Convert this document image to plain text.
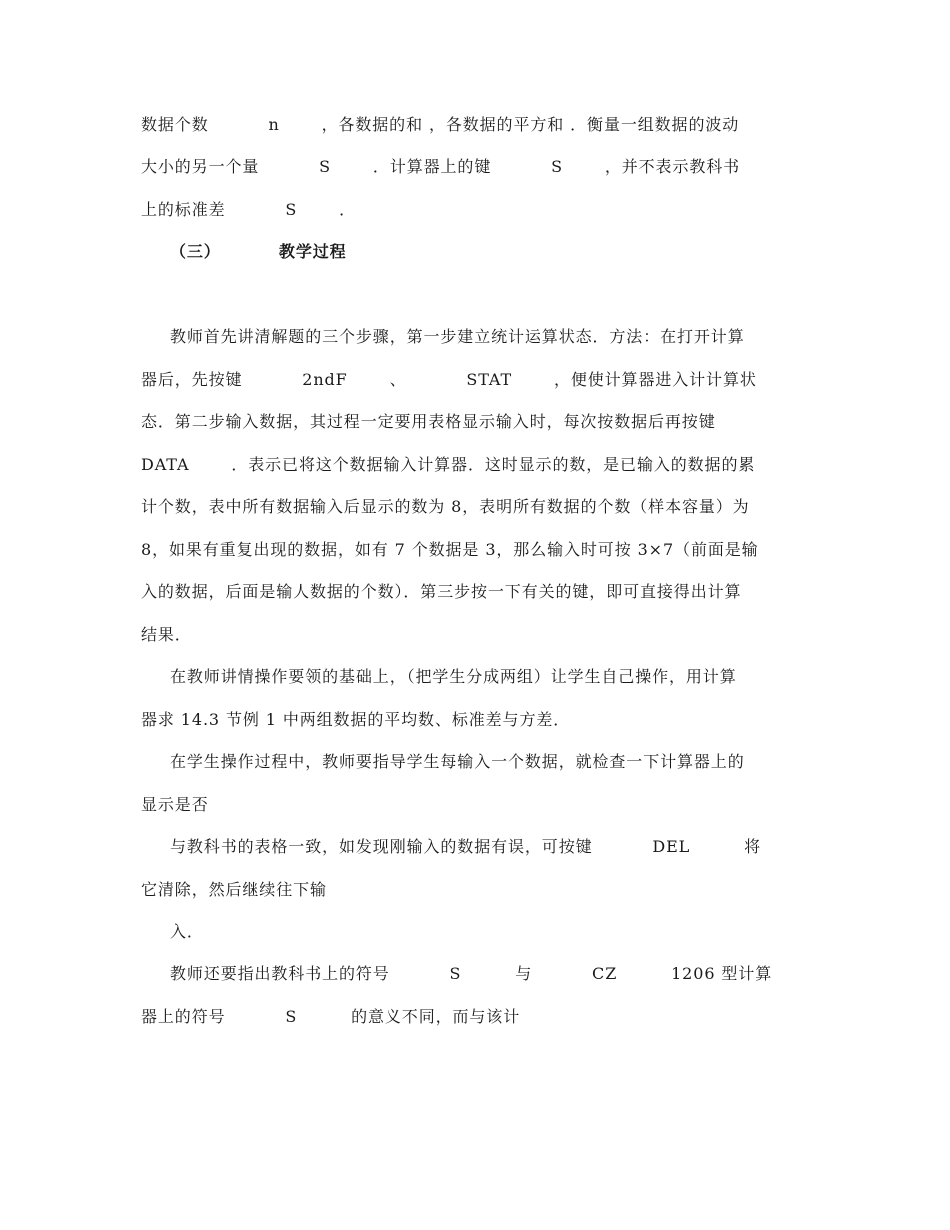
数据个数          n       ，各数据的和 ，各数据的平方和 ．衡量一组数据的波动
大小的另一个量          S       ．计算器上的键          S       ，并不表示教科书
上的标准差          S       ．
（三）         教学过程
教师首先讲清解题的三个步骤，第一步建立统计运算状态．方法：在打开计算
器后，先按键          2ndF       、          STAT       ，便使计算器进入计计算状
态．第二步输入数据，其过程一定要用表格显示输入时，每次按数据后再按键
DATA       ．表示已将这个数据输入计算器．这时显示的数，是已输入的数据的累
计个数，表中所有数据输入后显示的数为 8，表明所有数据的个数（样本容量）为
8，如果有重复出现的数据，如有 7 个数据是 3，那么输入时可按 3×7（前面是输
入的数据，后面是输人数据的个数）．第三步按一下有关的键，即可直接得出计算
结果．
在教师讲情操作要领的基础上，（把学生分成两组）让学生自己操作，用计算
器求 14.3 节例 1 中两组数据的平均数、标准差与方差．
在学生操作过程中，教师要指导学生每输入一个数据，就检查一下计算器上的
显示是否
与教科书的表格一致，如发现刚输入的数据有误，可按键          DEL         将
它清除，然后继续往下输
入．
教师还要指出教科书上的符号          S         与          CZ         1206 型计算
器上的符号          S         的意义不同，而与该计
